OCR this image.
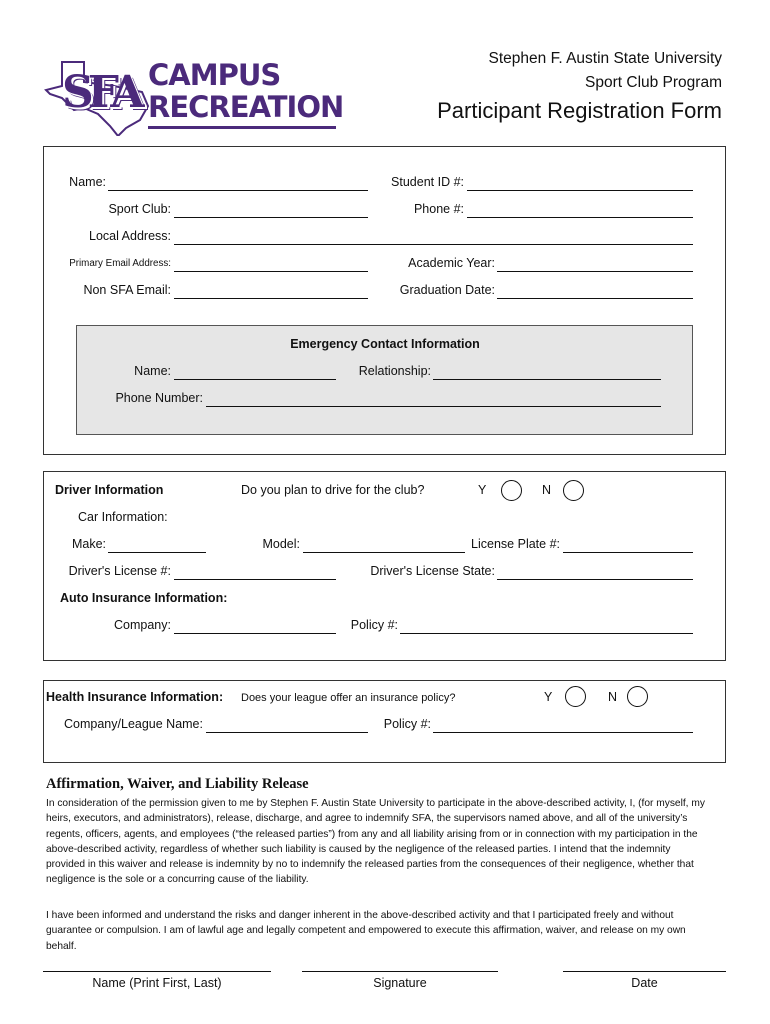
SFA CAMPUS
RECREATION
Stephen F. Austin State University
Sport Club Program
Participant Registration Form
Name:	Student ID #:
Sport Club:	Phone #:
Local Address:
Primary Email Address:	Academic Year:
Non SFA Email:	Graduation Date:
Emergency Contact Information
Name:	Relationship:
Phone Number:
Driver Information	Do you plan to drive for the club?	Y	N
Car Information:
Make:	Model:	License Plate #:
Driver's License #:	Driver's License State:
Auto Insurance Information:
Company:	Policy #:
Health Insurance Information: Does your league offer an insurance policy?	Y	N
Company/League Name:	Policy #:
Affirmation, Waiver, and Liability Release
In consideration of the permission given to me by Stephen F. Austin State University to participate in the above-described activity, I, (for myself, my
heirs, executors, and administrators), release, discharge, and agree to indemnify SFA, the supervisors named above, and all of the university’s
regents, officers, agents, and employees (“the released parties”) from any and all liability arising from or in connection with my participation in the
above-described activity, regardless of whether such liability is caused by the negligence of the released parties. I intend that the indemnity
provided in this waiver and release is indemnity by no to indemnify the released parties from the consequences of their negligence, whether that
negligence is the sole or a concurring cause of the liability.
I have been informed and understand the risks and danger inherent in the above-described activity and that I participated freely and without
guarantee or compulsion. I am of lawful age and legally competent and empowered to execute this affirmation, waiver, and release on my own
behalf.
Name (Print First, Last)	Signature	Date
